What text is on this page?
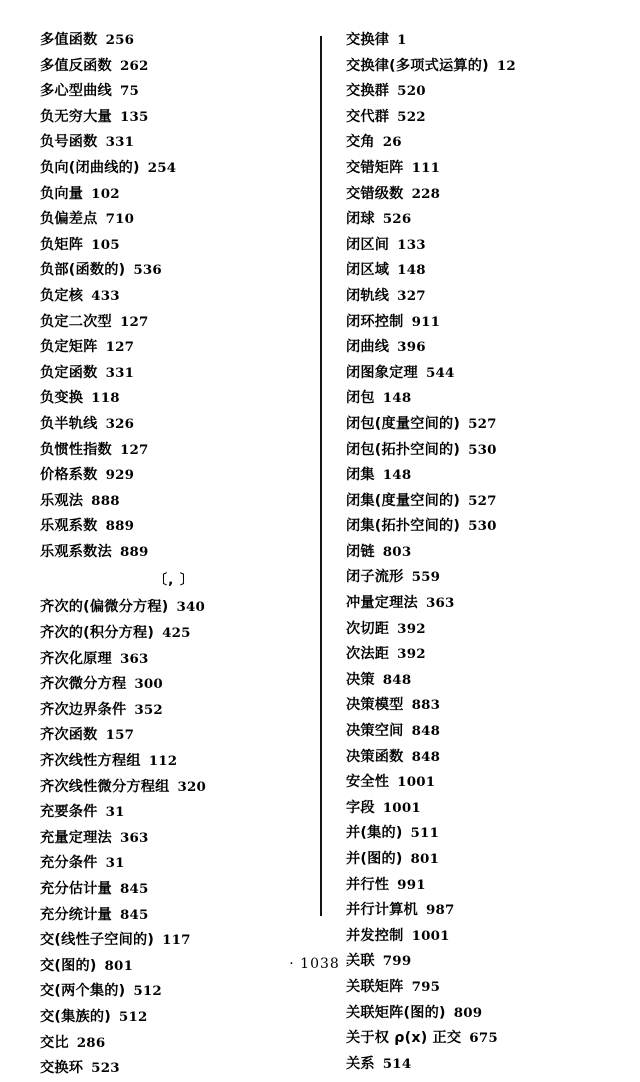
多值函数 256
多值反函数 262
多心型曲线 75
负无穷大量 135
负号函数 331
负向(闭曲线的) 254
负向量 102
负偏差点 710
负矩阵 105
负部(函数的) 536
负定核 433
负定二次型 127
负定矩阵 127
负定函数 331
负变换 118
负半轨线 326
负惯性指数 127
价格系数 929
乐观法 888
乐观系数 889
乐观系数法 889
〔, 〕
齐次的(偏微分方程) 340
齐次的(积分方程) 425
齐次化原理 363
齐次微分方程 300
齐次边界条件 352
齐次函数 157
齐次线性方程组 112
齐次线性微分方程组 320
充要条件 31
充量定理法 363
充分条件 31
充分估计量 845
充分统计量 845
交(线性子空间的) 117
交(图的) 801
交(两个集的) 512
交(集族的) 512
交比 286
交换环 523
交换律 1
交换律(多项式运算的) 12
交换群 520
交代群 522
交角 26
交错矩阵 111
交错级数 228
闭球 526
闭区间 133
闭区域 148
闭轨线 327
闭环控制 911
闭曲线 396
闭图象定理 544
闭包 148
闭包(度量空间的) 527
闭包(拓扑空间的) 530
闭集 148
闭集(度量空间的) 527
闭集(拓扑空间的) 530
闭链 803
闭子流形 559
冲量定理法 363
次切距 392
次法距 392
决策 848
决策模型 883
决策空间 848
决策函数 848
安全性 1001
字段 1001
并(集的) 511
并(图的) 801
并行性 991
并行计算机 987
并发控制 1001
关联 799
关联矩阵 795
关联矩阵(图的) 809
关于权 ρ(x) 正交 675
关系 514
· 1038 ·
